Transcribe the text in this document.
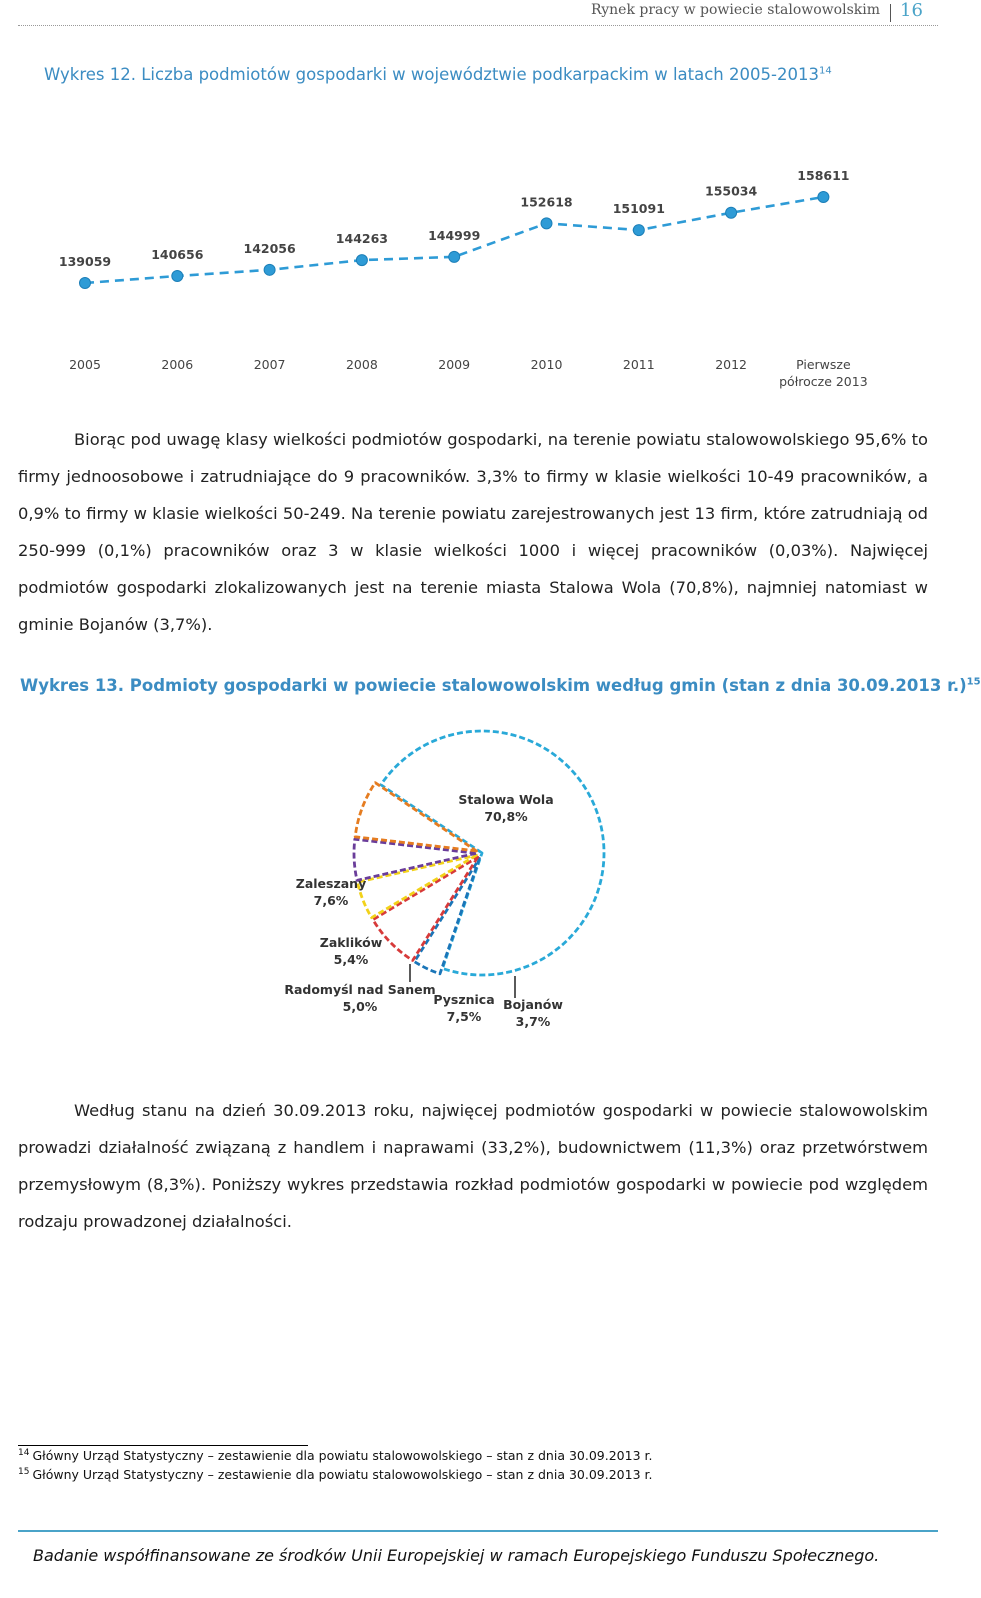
Rynek pracy w powiecie stalowowolskim 16
Wykres 12. Liczba podmiotów gospodarki w województwie podkarpackim w latach 2005-2013$^{14}$
139059	140656	142056
144263	144999
152618	151091
155034
158611
2005	2006	2007	2008	2009	2010	2011	2012	Pierwsze półrocze 2013
Biorąc pod uwagę klasy wielkości podmiotów gospodarki, na terenie powiatu stalowowolskiego 95,6% to firmy jednoosobowe i zatrudniające do 9 pracowników. 3,3% to firmy w klasie wielkości 10-49 pracowników, a 0,9% to firmy w klasie wielkości 50-249. Na terenie powiatu zarejestrowanych jest 13 firm, które zatrudniają od 250-999 (0,1%) pracowników oraz 3 w klasie wielkości 1000 i więcej pracowników (0,03%). Najwięcej podmiotów gospodarki zlokalizowanych jest na terenie miasta Stalowa Wola (70,8%), najmniej natomiast w gminie Bojanów (3,7%).
Wykres 13. Podmioty gospodarki w powiecie stalowowolskim według gmin (stan z dnia 30.09.2013 r.)$^{15}$
Stalowa Wola
70,8%
Bojanów
3,7%
Pysznica
7,5%
Radomyśl nad Sanem
5,0%
Zaklików
5,4%
Zaleszany
7,6%
Według stanu na dzień 30.09.2013 roku, najwięcej podmiotów gospodarki w powiecie stalowowolskim prowadzi działalność związaną z handlem i naprawami (33,2%), budownictwem (11,3%) oraz przetwórstwem przemysłowym (8,3%). Poniższy wykres przedstawia rozkład podmiotów gospodarki w powiecie pod względem rodzaju prowadzonej działalności.
$^{14}$ Główny Urząd Statystyczny – zestawienie dla powiatu stalowowolskiego – stan z dnia 30.09.2013 r.
$^{15}$ Główny Urząd Statystyczny – zestawienie dla powiatu stalowowolskiego – stan z dnia 30.09.2013 r.
Badanie współfinansowane ze środków Unii Europejskiej w ramach Europejskiego Funduszu Społecznego.
